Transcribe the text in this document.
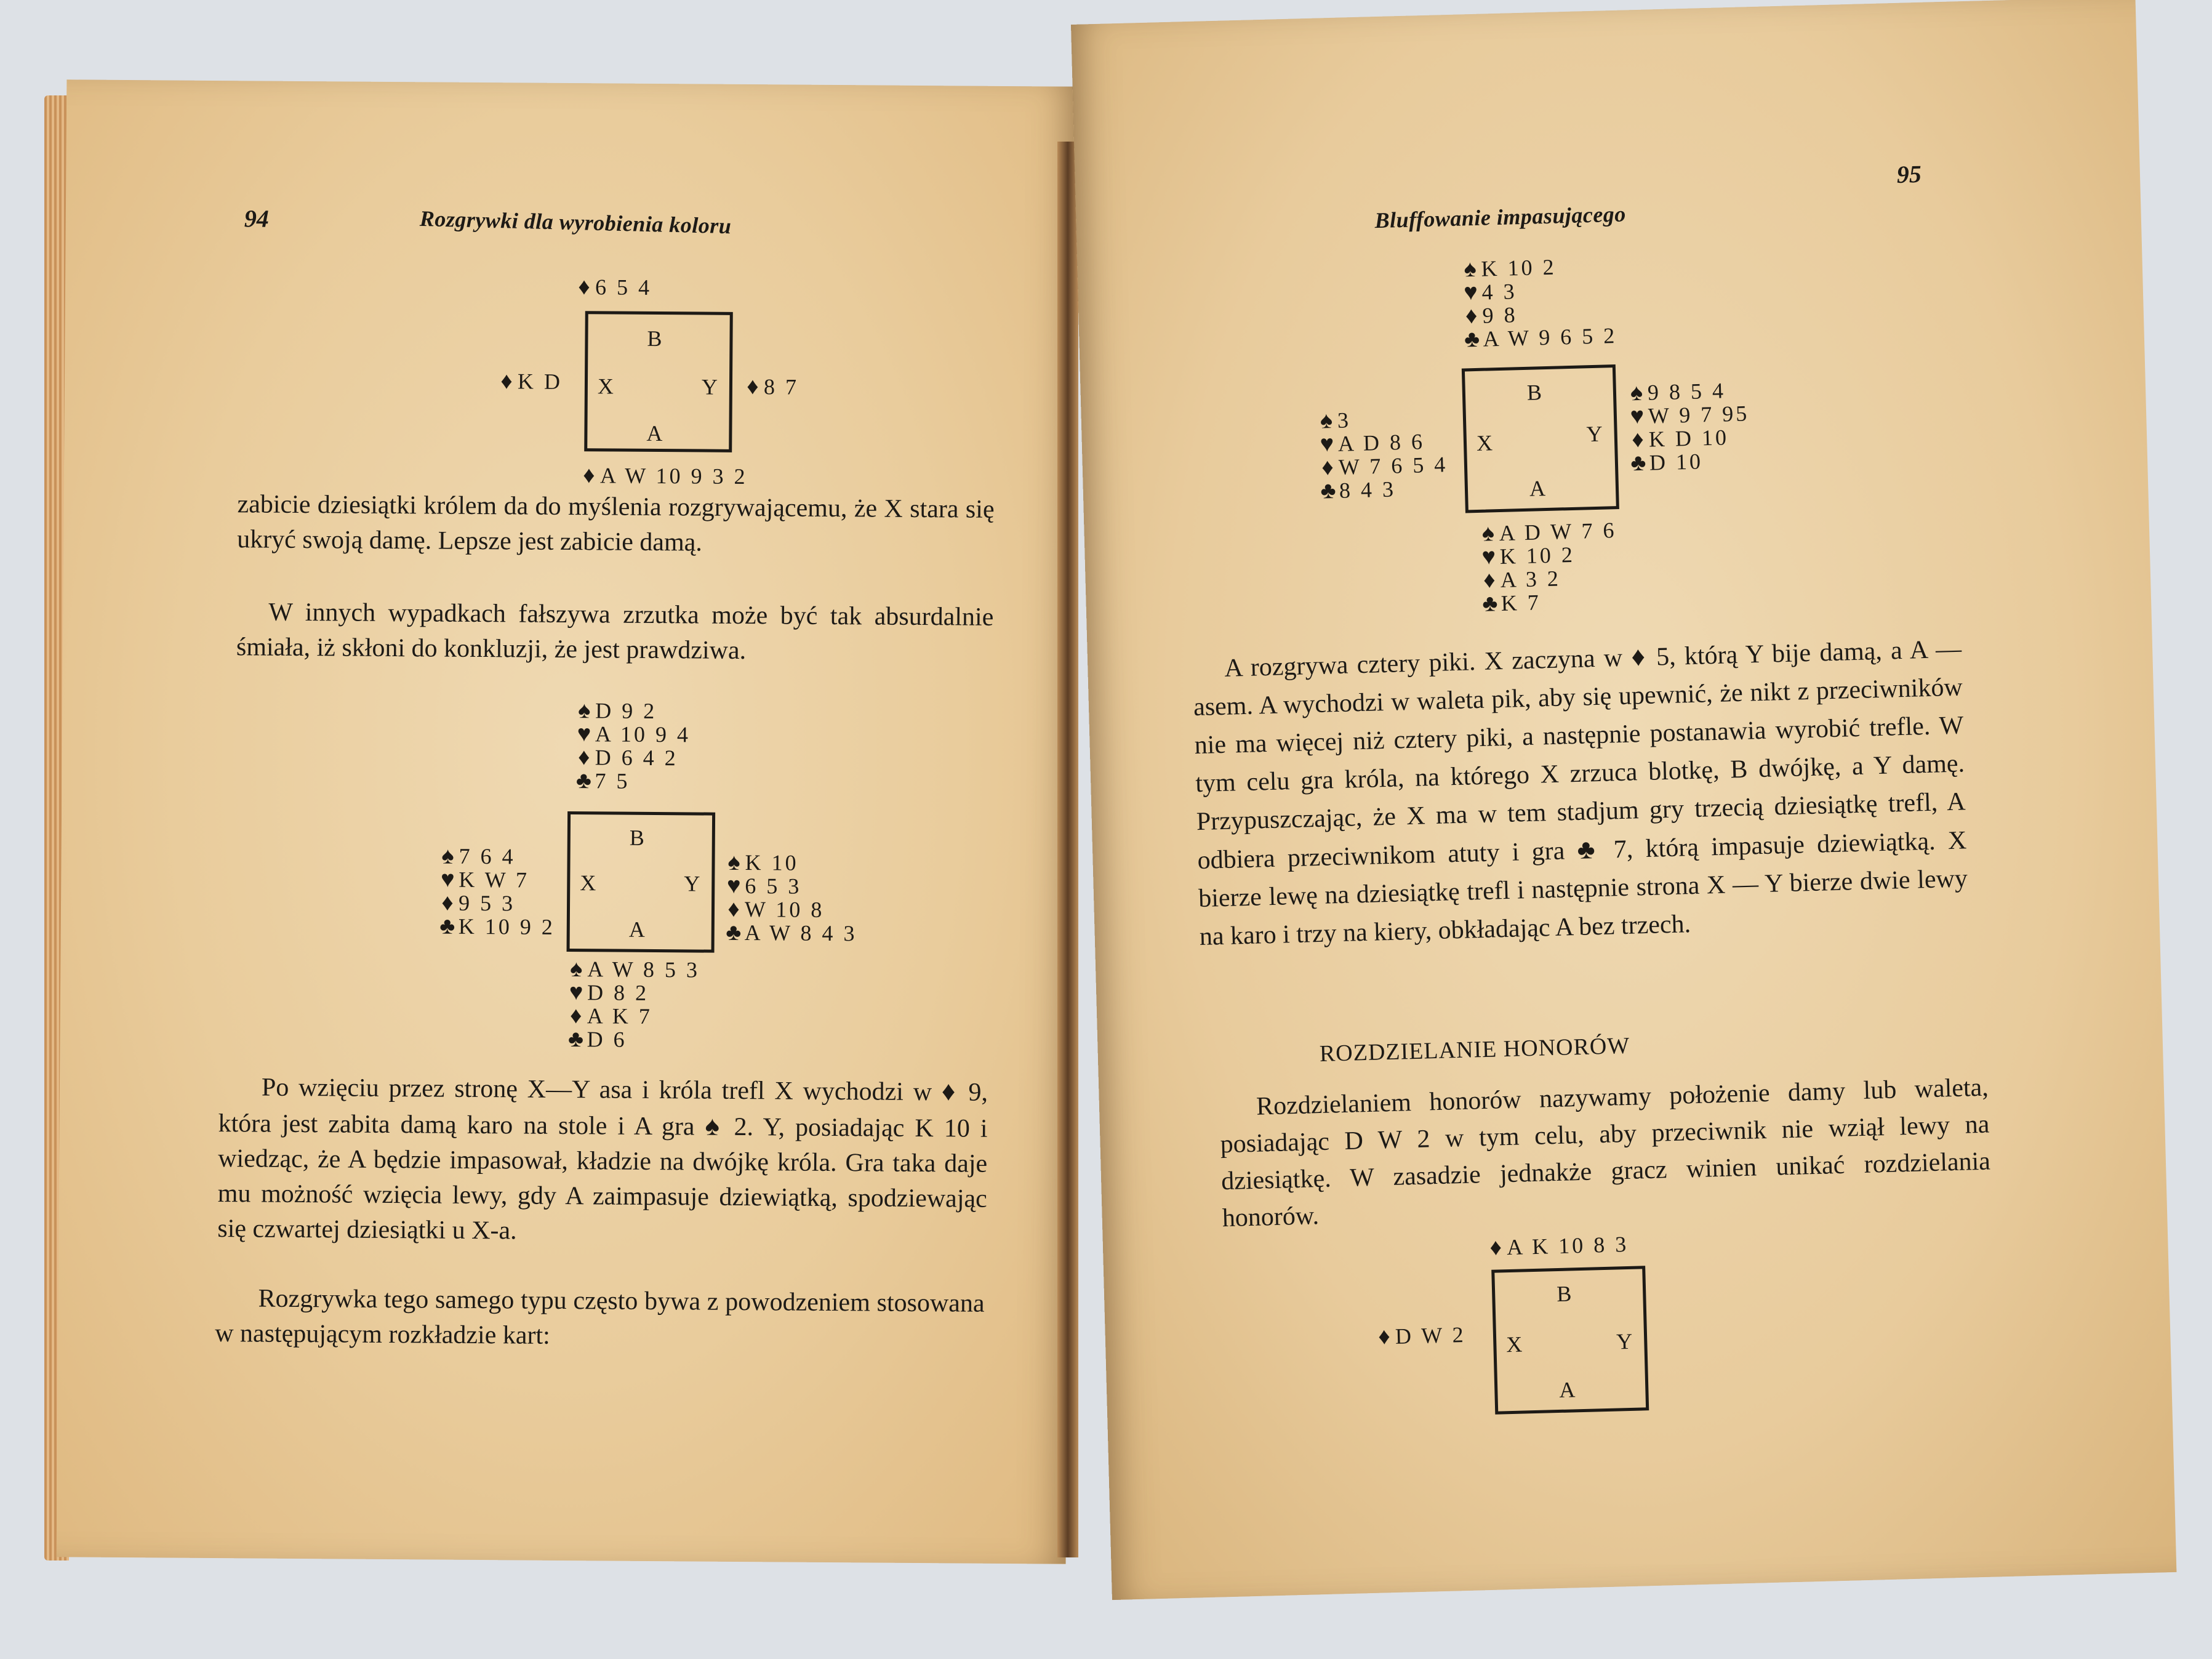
94	Rozgrywki dla wyrobienia koloru
♦ 6 5 4
B
X	Y
A
♦ K D	♦ 8 7
♦ A W 10 9 3 2
zabicie dziesiątki królem da do myślenia rozgrywającemu, że X stara się ukryć swoją damę. Lepsze jest zabicie damą.
W innych wypadkach fałszywa zrzutka może być tak absurdalnie śmiała, iż skłoni do konkluzji, że jest prawdziwa.
♠ D 9 2
♥ A 10 9 4
♦ D 6 4 2
♣ 7 5
B
X	Y
A
♠ 7 6 4
♥ K W 7
♦ 9 5 3
♣ K 10 9 2
♠ K 10
♥ 6 5 3
♦ W 10 8
♣ A W 8 4 3
♠ A W 8 5 3
♥ D 8 2
♦ A K 7
♣ D 6
Po wzięciu przez stronę X—Y asa i króla trefl X wychodzi w ♦ 9, która jest zabita damą karo na stole i A gra ♠ 2. Y, posiadając K 10 i wiedząc, że A będzie impasował, kładzie na dwójkę króla. Gra taka daje mu możność wzięcia lewy, gdy A zaimpasuje dziewiątką, spodziewając się czwartej dziesiątki u X-a.
Rozgrywka tego samego typu często bywa z powodzeniem stosowana w następującym rozkładzie kart:
95
Bluffowanie impasującego
♠ K 10 2
♥ 4 3
♦ 9 8
♣ A W 9 6 5 2
B
X	Y
A
♠ 3
♥ A D 8 6
♦ W 7 6 5 4
♣ 8 4 3
♠ 9 8 5 4
♥ W 9 7 95
♦ K D 10
♣ D 10
♠ A D W 7 6
♥ K 10 2
♦ A 3 2
♣ K 7
A rozgrywa cztery piki. X zaczyna w ♦ 5, którą Y bije damą, a A — asem. A wychodzi w waleta pik, aby się upewnić, że nikt z przeciwników nie ma więcej niż cztery piki, a następnie postanawia wyrobić trefle. W tym celu gra króla, na którego X zrzuca blotkę, B dwójkę, a Y damę. Przypuszczając, że X ma w tem stadjum gry trzecią dziesiątkę trefl, A odbiera przeciwnikom atuty i gra ♣ 7, którą impasuje dziewiątką. X bierze lewę na dziesiątkę trefl i następnie strona X — Y bierze dwie lewy na karo i trzy na kiery, obkładając A bez trzech.
ROZDZIELANIE HONORÓW
Rozdzielaniem honorów nazywamy położenie damy lub waleta, posiadając D W 2 w tym celu, aby przeciwnik nie wziął lewy na dziesiątkę. W zasadzie jednakże gracz winien unikać rozdzielania honorów.
♦ A K 10 8 3
B
X	Y
A
♦ D W 2
